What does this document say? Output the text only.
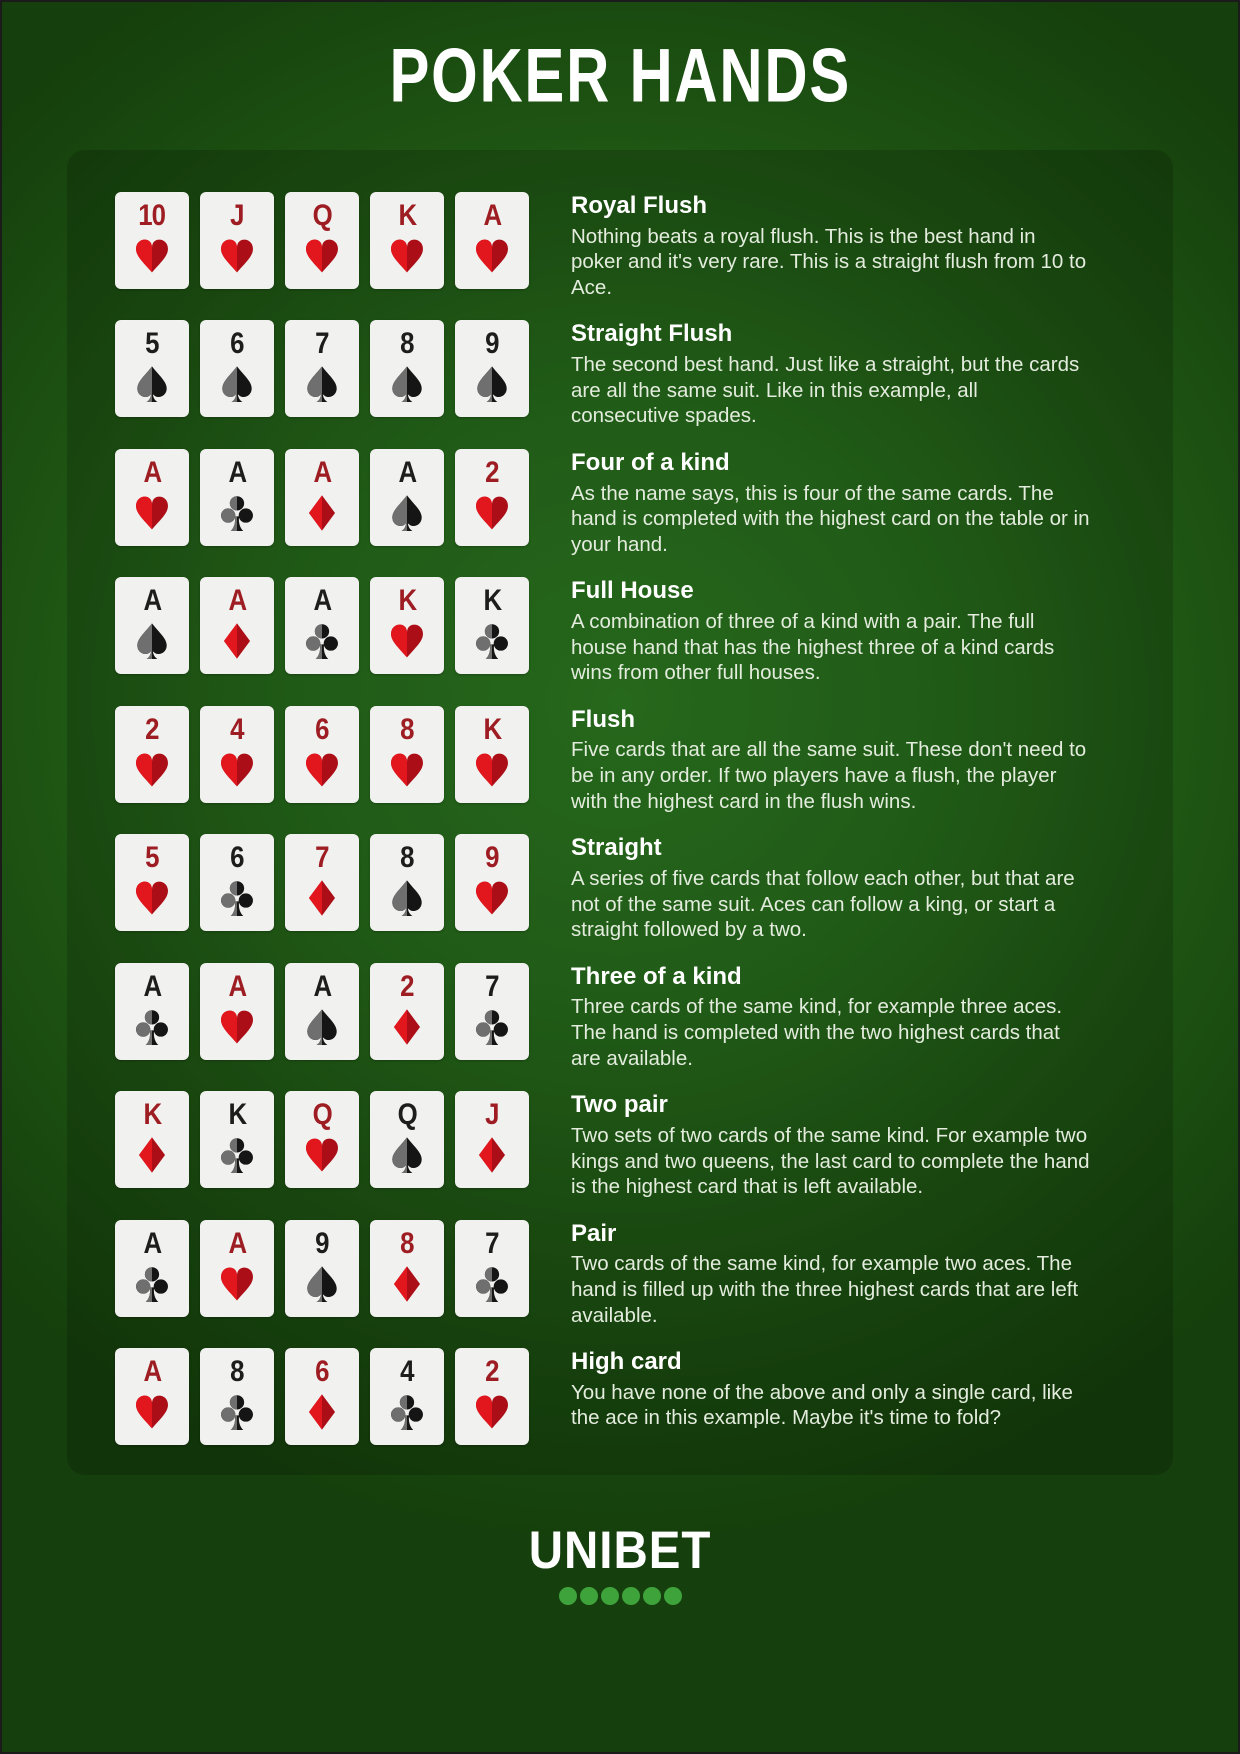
POKER HANDS
10 J Q K A	Royal Flush
Nothing beats a royal flush. This is the best hand in poker and it's very rare. This is a straight flush from 10 to Ace.
5 6 7 8 9	Straight Flush
The second best hand. Just like a straight, but the cards are all the same suit. Like in this example, all consecutive spades.
A A A A 2	Four of a kind
As the name says, this is four of the same cards. The hand is completed with the highest card on the table or in your hand.
A A A K K	Full House
A combination of three of a kind with a pair. The full house hand that has the highest three of a kind cards wins from other full houses.
2 4 6 8 K	Flush
Five cards that are all the same suit. These don't need to be in any order. If two players have a flush, the player with the highest card in the flush wins.
5 6 7 8 9	Straight
A series of five cards that follow each other, but that are not of the same suit. Aces can follow a king, or start a straight followed by a two.
A A A 2 7	Three of a kind
Three cards of the same kind, for example three aces. The hand is completed with the two highest cards that are available.
K K Q Q J	Two pair
Two sets of two cards of the same kind. For example two kings and two queens, the last card to complete the hand is the highest card that is left available.
A A 9 8 7	Pair
Two cards of the same kind, for example two aces. The hand is filled up with the three highest cards that are left available.
A 8 6 4 2	High card
You have none of the above and only a single card, like the ace in this example. Maybe it's time to fold?
UNIBET
